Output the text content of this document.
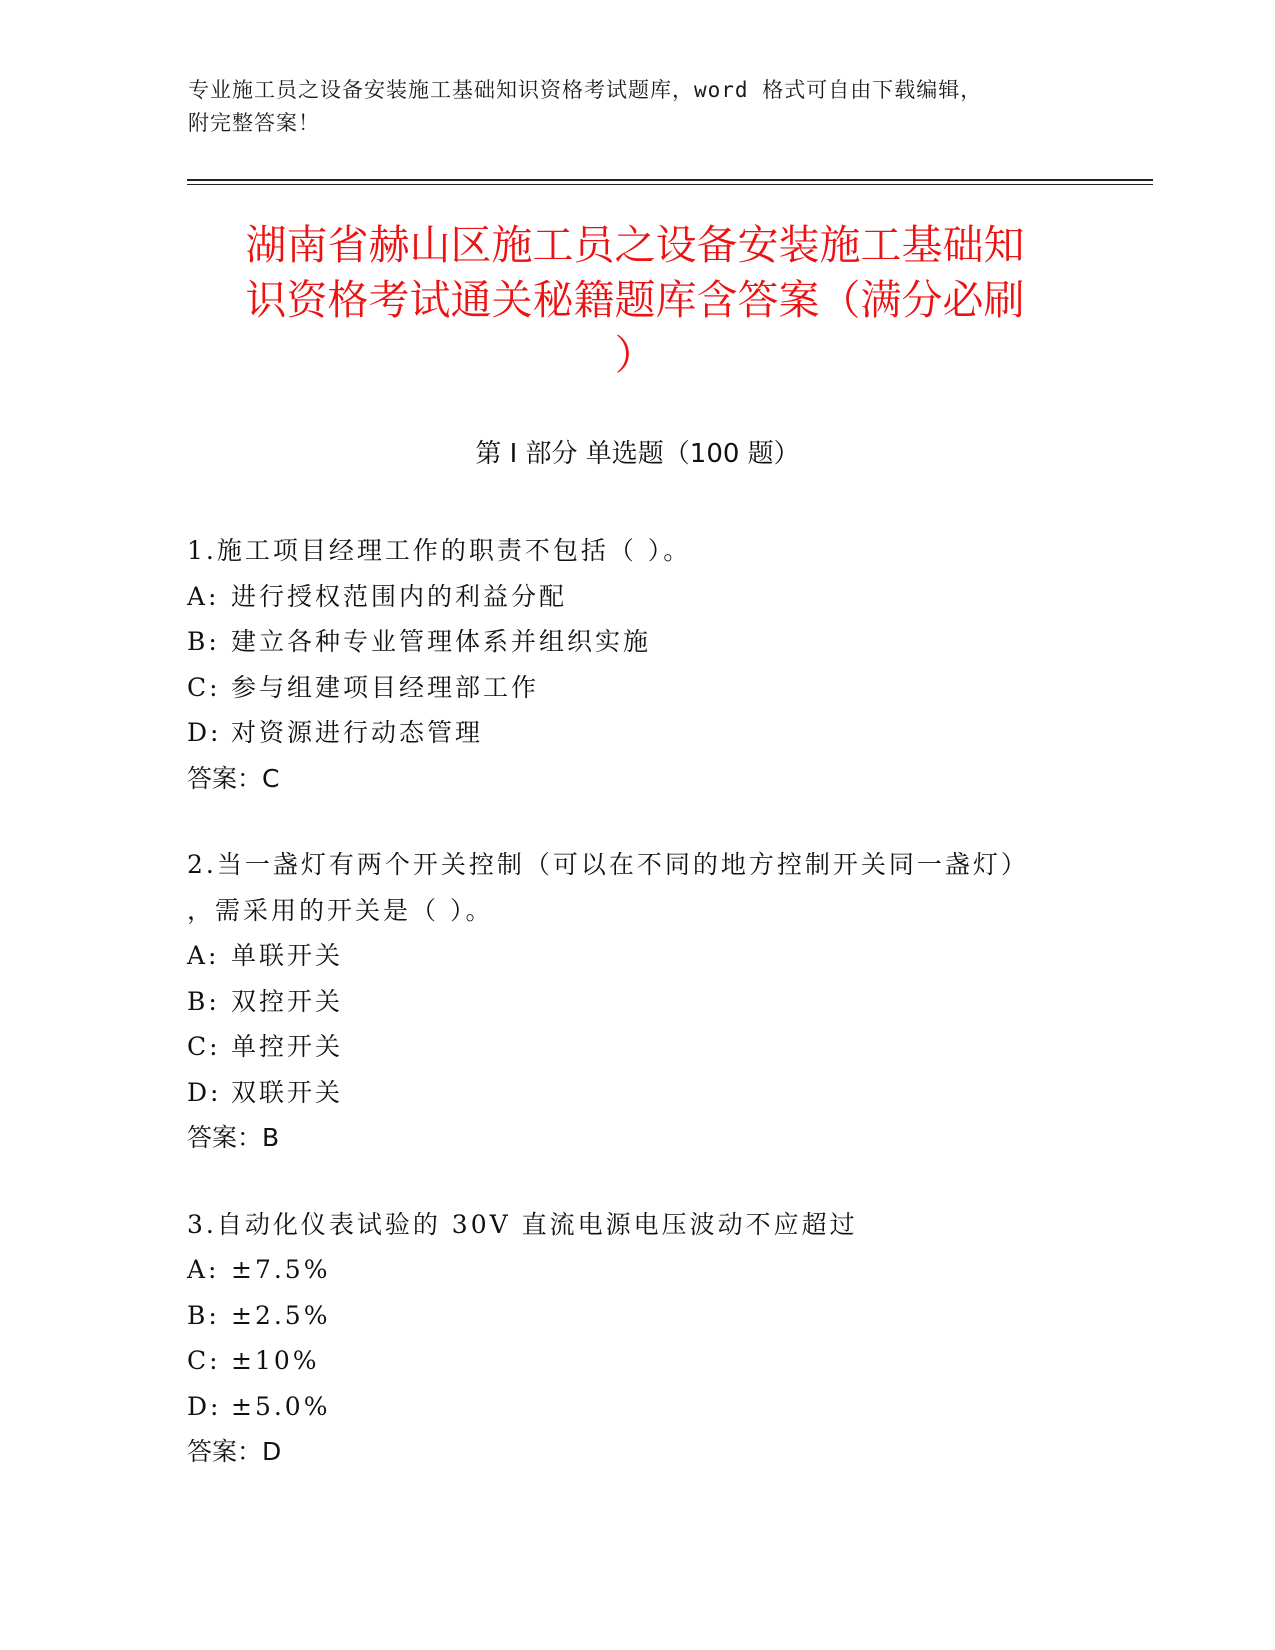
专业施工员之设备安装施工基础知识资格考试题库，word 格式可自由下载编辑，
附完整答案！
湖南省赫山区施工员之设备安装施工基础知
识资格考试通关秘籍题库含答案（满分必刷
）
第 I 部分 单选题（100 题）
1.施工项目经理工作的职责不包括（ ）。
A: 进行授权范围内的利益分配
B: 建立各种专业管理体系并组织实施
C: 参与组建项目经理部工作
D: 对资源进行动态管理
答案：C
2.当一盏灯有两个开关控制（可以在不同的地方控制开关同一盏灯）
，需采用的开关是（ ）。
A: 单联开关
B: 双控开关
C: 单控开关
D: 双联开关
答案：B
3.自动化仪表试验的 30V 直流电源电压波动不应超过
A: ±7.5%
B: ±2.5%
C: ±10%
D: ±5.0%
答案：D
